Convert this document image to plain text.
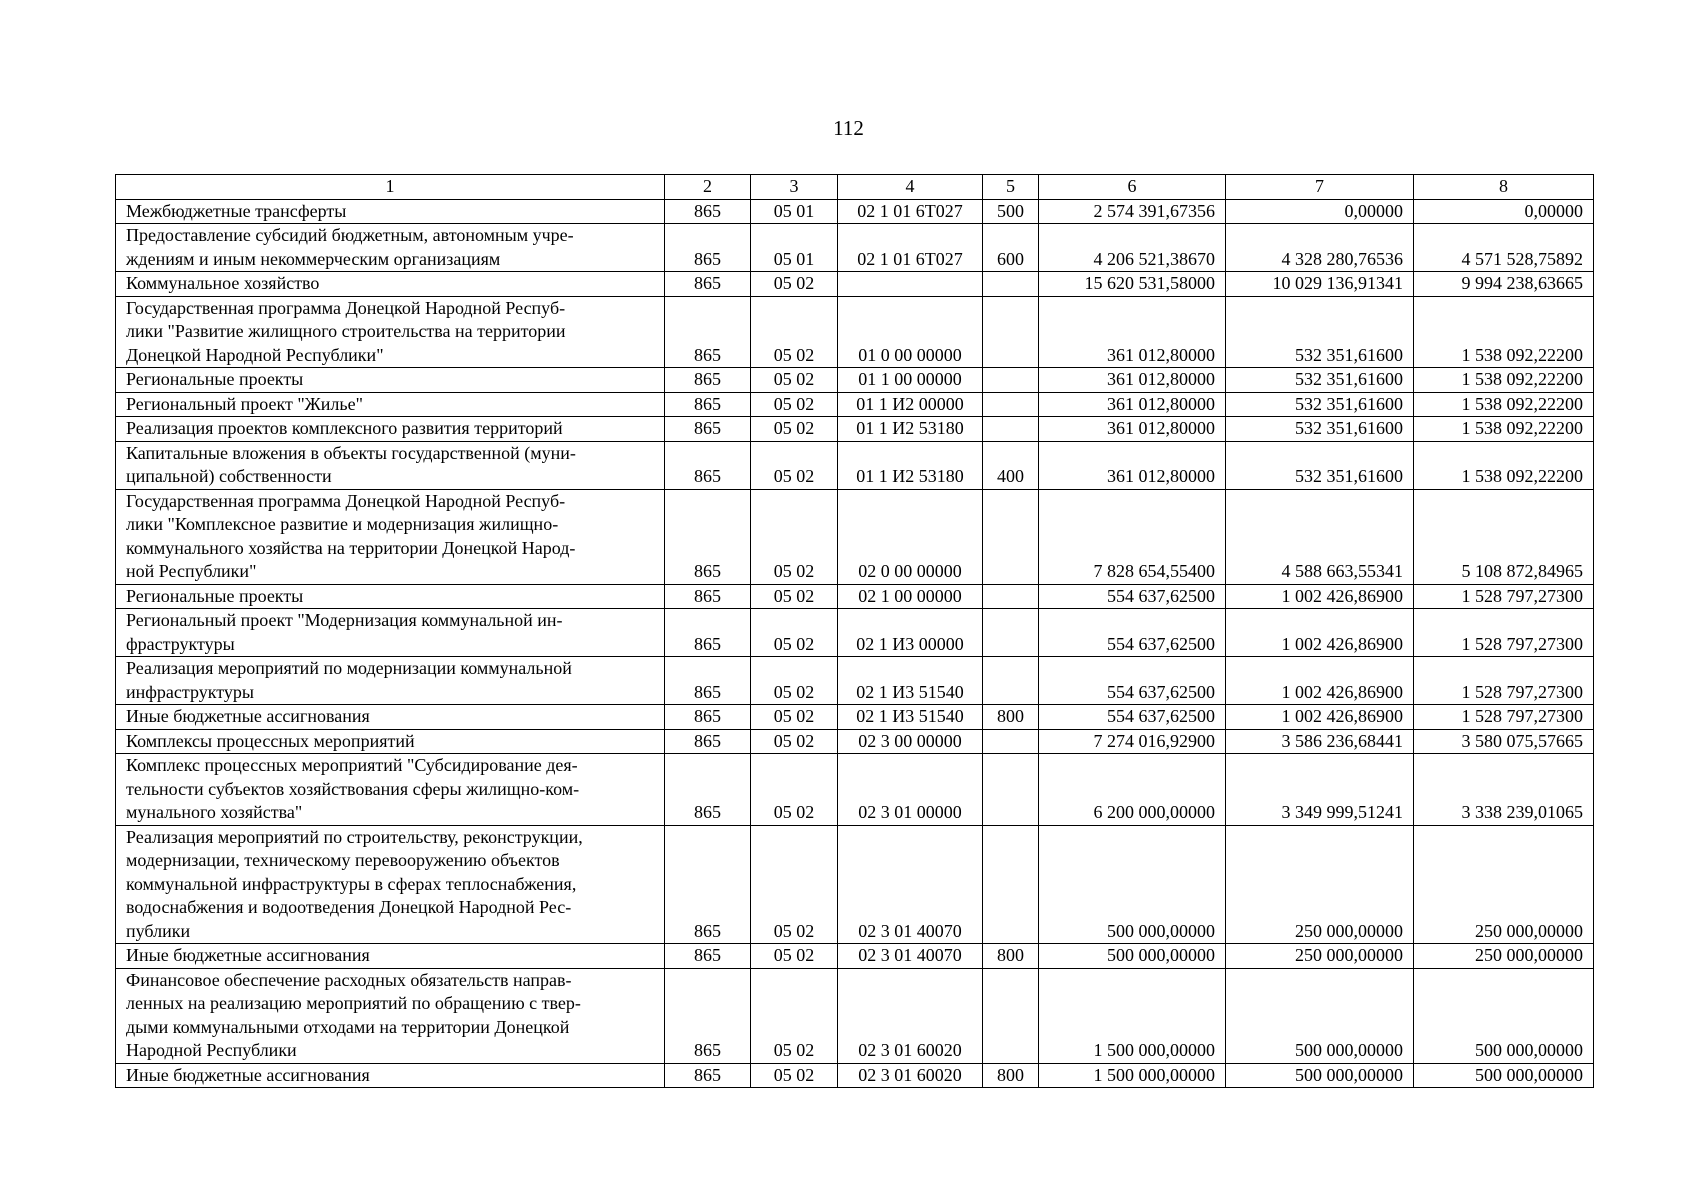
112
1	2	3	4	5	6	7	8
Межбюджетные трансферты	865	05 01	02 1 01 6Т027	500	2 574 391,67356	0,00000	0,00000
Предоставление субсидий бюджетным, автономным учре-
ждениям и иным некоммерческим организациям	865	05 01	02 1 01 6Т027	600	4 206 521,38670	4 328 280,76536	4 571 528,75892
Коммунальное хозяйство	865	05 02			15 620 531,58000	10 029 136,91341	9 994 238,63665
Государственная программа Донецкой Народной Респуб-
лики "Развитие жилищного строительства на территории
Донецкой Народной Республики"	865	05 02	01 0 00 00000		361 012,80000	532 351,61600	1 538 092,22200
Региональные проекты	865	05 02	01 1 00 00000		361 012,80000	532 351,61600	1 538 092,22200
Региональный проект "Жилье"	865	05 02	01 1 И2 00000		361 012,80000	532 351,61600	1 538 092,22200
Реализация проектов комплексного развития территорий	865	05 02	01 1 И2 53180		361 012,80000	532 351,61600	1 538 092,22200
Капитальные вложения в объекты государственной (муни-
ципальной) собственности	865	05 02	01 1 И2 53180	400	361 012,80000	532 351,61600	1 538 092,22200
Государственная программа Донецкой Народной Респуб-
лики "Комплексное развитие и модернизация жилищно-
коммунального хозяйства на территории Донецкой Народ-
ной Республики"	865	05 02	02 0 00 00000		7 828 654,55400	4 588 663,55341	5 108 872,84965
Региональные проекты	865	05 02	02 1 00 00000		554 637,62500	1 002 426,86900	1 528 797,27300
Региональный проект "Модернизация коммунальной ин-
фраструктуры	865	05 02	02 1 И3 00000		554 637,62500	1 002 426,86900	1 528 797,27300
Реализация мероприятий по модернизации коммунальной
инфраструктуры	865	05 02	02 1 И3 51540		554 637,62500	1 002 426,86900	1 528 797,27300
Иные бюджетные ассигнования	865	05 02	02 1 И3 51540	800	554 637,62500	1 002 426,86900	1 528 797,27300
Комплексы процессных мероприятий	865	05 02	02 3 00 00000		7 274 016,92900	3 586 236,68441	3 580 075,57665
Комплекс процессных мероприятий "Субсидирование дея-
тельности субъектов хозяйствования сферы жилищно-ком-
мунального хозяйства"	865	05 02	02 3 01 00000		6 200 000,00000	3 349 999,51241	3 338 239,01065
Реализация мероприятий по строительству, реконструкции,
модернизации, техническому перевооружению объектов
коммунальной инфраструктуры в сферах теплоснабжения,
водоснабжения и водоотведения Донецкой Народной Рес-
публики	865	05 02	02 3 01 40070		500 000,00000	250 000,00000	250 000,00000
Иные бюджетные ассигнования	865	05 02	02 3 01 40070	800	500 000,00000	250 000,00000	250 000,00000
Финансовое обеспечение расходных обязательств направ-
ленных на реализацию мероприятий по обращению с твер-
дыми коммунальными отходами на территории Донецкой
Народной Республики	865	05 02	02 3 01 60020		1 500 000,00000	500 000,00000	500 000,00000
Иные бюджетные ассигнования	865	05 02	02 3 01 60020	800	1 500 000,00000	500 000,00000	500 000,00000
